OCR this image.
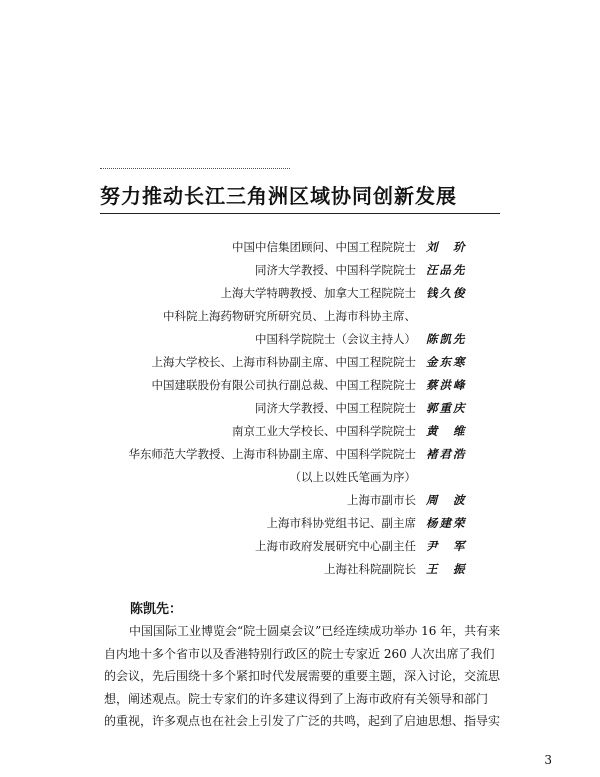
努力推动长江三角洲区域协同创新发展
中国中信集团顾问、中国工程院院士 刘　玠
同济大学教授、中国科学院院士 汪品先
上海大学特聘教授、加拿大工程院院士 钱久俊
中科院上海药物研究所研究员、上海市科协主席、
中国科学院院士（会议主持人） 陈凯先
上海大学校长、上海市科协副主席、中国工程院院士 金东寒
中国建联股份有限公司执行副总裁、中国工程院院士 蔡洪峰
同济大学教授、中国工程院院士 郭重庆
南京工业大学校长、中国科学院院士 黄　维
华东师范大学教授、上海市科协副主席、中国科学院院士 褚君浩
（以上以姓氏笔画为序）
上海市副市长 周　波
上海市科协党组书记、副主席 杨建荣
上海市政府发展研究中心副主任 尹　军
上海社科院副院长 王　振
陈凯先：
中国国际工业博览会“院士圆桌会议”已经连续成功举办 16 年，共有来
自内地十多个省市以及香港特别行政区的院士专家近 260 人次出席了我们
的会议，先后围绕十多个紧扣时代发展需要的重要主题，深入讨论，交流思
想，阐述观点。院士专家们的许多建议得到了上海市政府有关领导和部门
的重视，许多观点也在社会上引发了广泛的共鸣，起到了启迪思想、指导实
3
